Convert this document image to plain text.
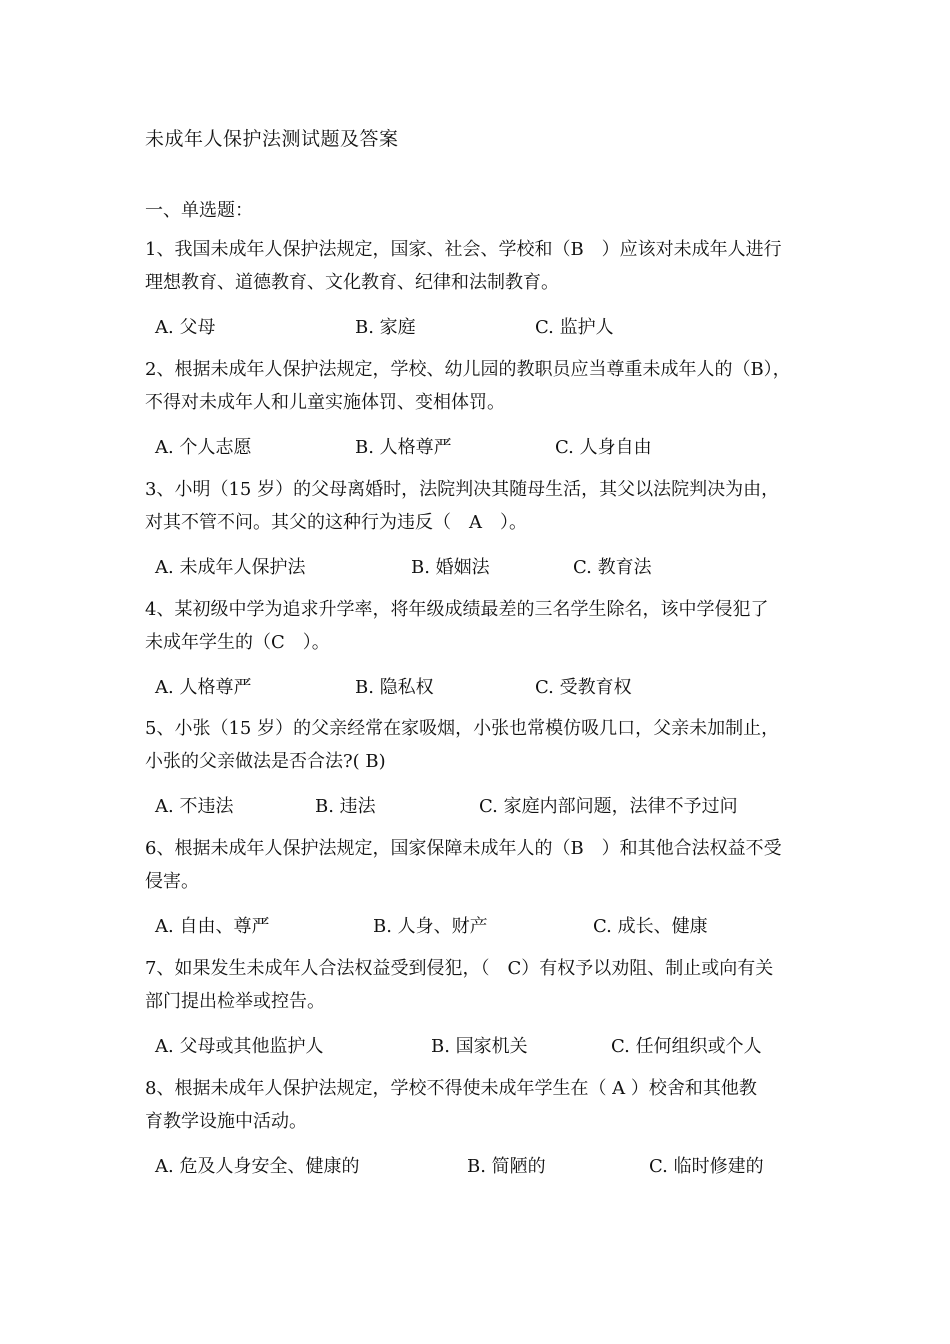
未成年人保护法测试题及答案
一、单选题：
1、我国未成年人保护法规定，国家、社会、学校和（B　）应该对未成年人进行
理想教育、道德教育、文化教育、纪律和法制教育。
A. 父母	B. 家庭	C. 监护人
2、根据未成年人保护法规定，学校、幼儿园的教职员应当尊重未成年人的（B），
不得对未成年人和儿童实施体罚、变相体罚。
A. 个人志愿	B. 人格尊严	C. 人身自由
3、小明（15 岁）的父母离婚时，法院判决其随母生活，其父以法院判决为由，
对其不管不问。其父的这种行为违反（　A　）。
A. 未成年人保护法	B. 婚姻法	C. 教育法
4、某初级中学为追求升学率，将年级成绩最差的三名学生除名，该中学侵犯了
未成年学生的（C　）。
A. 人格尊严	B. 隐私权	C. 受教育权
5、小张（15 岁）的父亲经常在家吸烟，小张也常模仿吸几口，父亲未加制止，
小张的父亲做法是否合法?( B)
A. 不违法	B. 违法	C. 家庭内部问题，法律不予过问
6、根据未成年人保护法规定，国家保障未成年人的（B　）和其他合法权益不受
侵害。
A. 自由、尊严	B. 人身、财产	C. 成长、健康
7、如果发生未成年人合法权益受到侵犯，（　C）有权予以劝阻、制止或向有关
部门提出检举或控告。
A. 父母或其他监护人	B. 国家机关	C. 任何组织或个人
8、根据未成年人保护法规定，学校不得使未成年学生在（ A ）校舍和其他教
育教学设施中活动。
A. 危及人身安全、健康的	B. 简陋的	C. 临时修建的
